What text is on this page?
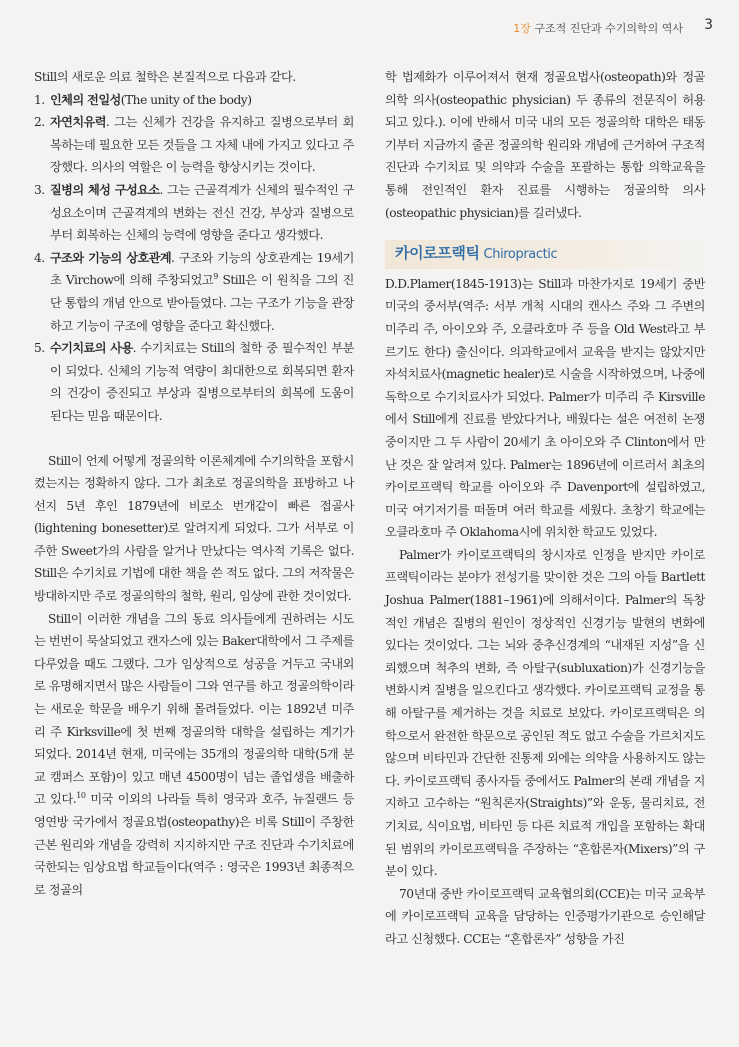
1장 구조적 진단과 수기의학의 역사 3

Still의 새로운 의료 철학은 본질적으로 다음과 같다.

1. 인체의 전일성(The unity of the body)
2. 자연치유력. 그는 신체가 건강을 유지하고 질병으로부터 회복하는데 필요한 모든 것들을 그 자체 내에 가지고 있다고 주장했다. 의사의 역할은 이 능력을 향상시키는 것이다.
3. 질병의 체성 구성요소. 그는 근골격계가 신체의 필수적인 구성요소이며 근골격계의 변화는 전신 건강, 부상과 질병으로부터 회복하는 신체의 능력에 영향을 준다고 생각했다.
4. 구조와 기능의 상호관계. 구조와 기능의 상호관계는 19세기 초 Virchow에 의해 주창되었고$^9$ Still은 이 원칙을 그의 진단 통합의 개념 안으로 받아들였다. 그는 구조가 기능을 관장하고 기능이 구조에 영향을 준다고 확신했다.
5. 수기치료의 사용. 수기치료는 Still의 철학 중 필수적인 부분이 되었다. 신체의 기능적 역량이 최대한으로 회복되면 환자의 건강이 증진되고 부상과 질병으로부터의 회복에 도움이 된다는 믿음 때문이다.

Still이 언제 어떻게 정골의학 이론체계에 수기의학을 포함시켰는지는 정확하지 않다. 그가 최초로 정골의학을 표방하고 나선지 5년 후인 1879년에 비로소 번개같이 빠른 접골사(lightening bonesetter)로 알려지게 되었다. 그가 서부로 이주한 Sweet가의 사람을 알거나 만났다는 역사적 기록은 없다. Still은 수기치료 기법에 대한 책을 쓴 적도 없다. 그의 저작물은 방대하지만 주로 정골의학의 철학, 원리, 임상에 관한 것이었다.

Still이 이러한 개념을 그의 동료 의사들에게 권하려는 시도는 번번이 묵살되었고 캔자스에 있는 Baker대학에서 그 주제를 다루었을 때도 그랬다. 그가 임상적으로 성공을 거두고 국내외로 유명해지면서 많은 사람들이 그와 연구를 하고 정골의학이라는 새로운 학문을 배우기 위해 몰려들었다. 이는 1892년 미주리 주 Kirksville에 첫 번째 정골의학 대학을 설립하는 계기가 되었다. 2014년 현재, 미국에는 35개의 정골의학 대학(5개 분교 캠퍼스 포함)이 있고 매년 4500명이 넘는 졸업생을 배출하고 있다.$^{10}$ 미국 이외의 나라들 특히 영국과 호주, 뉴질랜드 등 영연방 국가에서 정골요법(osteopathy)은 비록 Still이 주창한 근본 원리와 개념을 강력히 지지하지만 구조 진단과 수기치료에 국한되는 임상요법 학교들이다(역주 : 영국은 1993년 최종적으로 정골의

학 법제화가 이루어져서 현재 정골요법사(osteopath)와 정골의학 의사(osteopathic physician) 두 종류의 전문직이 허용되고 있다.). 이에 반해서 미국 내의 모든 정골의학 대학은 태동기부터 지금까지 줄곧 정골의학 원리와 개념에 근거하여 구조적 진단과 수기치료 및 의약과 수술을 포괄하는 통합 의학교육을 통해 전인적인 환자 진료를 시행하는 정골의학 의사(osteopathic physician)를 길러냈다.

카이로프랙틱 Chiropractic

D.D.Plamer(1845-1913)는 Still과 마찬가지로 19세기 중반 미국의 중서부(역주: 서부 개척 시대의 캔사스 주와 그 주변의 미주리 주, 아이오와 주, 오클라호마 주 등을 Old West라고 부르기도 한다) 출신이다. 의과학교에서 교육을 받지는 않았지만 자석치료사(magnetic healer)로 시술을 시작하였으며, 나중에 독학으로 수기치료사가 되었다. Palmer가 미주리 주 Kirsville에서 Still에게 진료를 받았다거나, 배웠다는 설은 여전히 논쟁 중이지만 그 두 사람이 20세기 초 아이오와 주 Clinton에서 만난 것은 잘 알려져 있다. Palmer는 1896년에 이르러서 최초의 카이로프랙틱 학교를 아이오와 주 Davenport에 설립하였고, 미국 여기저기를 떠돌며 여러 학교를 세웠다. 초창기 학교에는 오클라호마 주 Oklahoma시에 위치한 학교도 있었다.

Palmer가 카이로프랙틱의 창시자로 인정을 받지만 카이로프랙틱이라는 분야가 전성기를 맞이한 것은 그의 아들 Bartlett Joshua Palmer(1881–1961)에 의해서이다. Palmer의 독창적인 개념은 질병의 원인이 정상적인 신경기능 발현의 변화에 있다는 것이었다. 그는 뇌와 중추신경계의 “내재된 지성”을 신뢰했으며 척추의 변화, 즉 아탈구(subluxation)가 신경기능을 변화시켜 질병을 일으킨다고 생각했다. 카이로프랙틱 교정을 통해 아탈구를 제거하는 것을 치료로 보았다. 카이로프랙틱은 의학으로서 완전한 학문으로 공인된 적도 없고 수술을 가르치지도 않으며 비타민과 간단한 진통제 외에는 의약을 사용하지도 않는다. 카이로프랙틱 종사자들 중에서도 Palmer의 본래 개념을 지지하고 고수하는 “원칙론자(Straights)”와 운동, 물리치료, 전기치료, 식이요법, 비타민 등 다른 치료적 개입을 포함하는 확대된 범위의 카이로프랙틱을 주장하는 “혼합론자(Mixers)”의 구분이 있다.

70년대 중반 카이로프랙틱 교육협의회(CCE)는 미국 교육부에 카이로프랙틱 교육을 담당하는 인증평가기관으로 승인해달라고 신청했다. CCE는 “혼합론자” 성향을 가진
